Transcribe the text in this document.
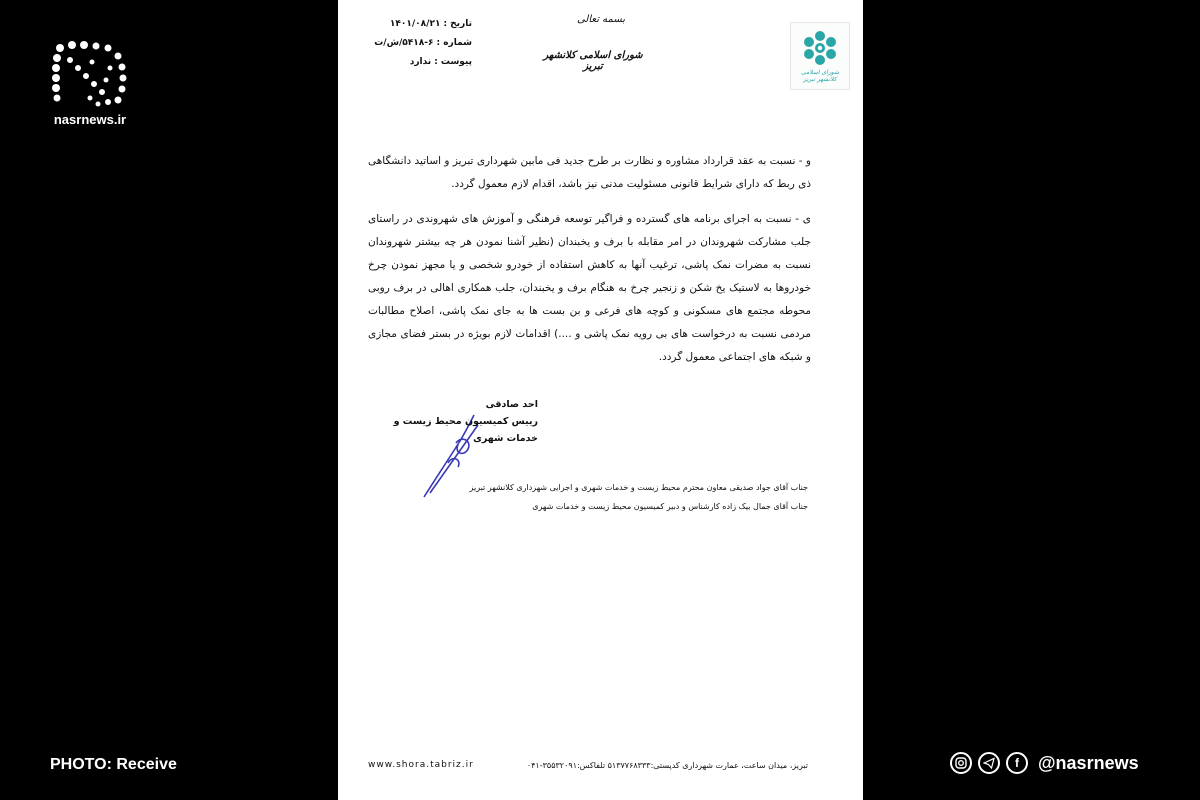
nasrnews.ir
تاریخ :
۱۴۰۱/۰۸/۲۱
شماره :
۵۴۱۸-۶/ش/ت
پیوست :
ندارد
بسمه تعالی
شورای اسلامی کلانشهر تبریز
شورای اسلامی کلانشهر تبریز
و - نسبت به عقد قرارداد مشاوره و نظارت بر طرح جدید فی مابین شهرداری تبریز و اساتید دانشگاهی ذی ربط که دارای شرایط قانونی مسئولیت مدنی نیز باشد، اقدام لازم معمول گردد.
ی - نسبت به اجرای برنامه های گسترده و فراگیر توسعه فرهنگی و آموزش های شهروندی در راستای جلب مشارکت شهروندان در امر مقابله با برف و یخبندان (نظیر آشنا نمودن هر چه بیشتر شهروندان نسبت به مضرات نمک پاشی، ترغیب آنها به کاهش استفاده از خودرو شخصی و یا مجهز نمودن چرخ خودروها به لاستیک یخ شکن و زنجیر چرخ به هنگام برف و یخبندان، جلب همکاری اهالی در برف روبی محوطه مجتمع های مسکونی و کوچه های فرعی و بن بست ها به جای نمک پاشی، اصلاح مطالبات مردمی نسبت به درخواست های بی رویه نمک پاشی و ....) اقدامات لازم بویژه در بستر فضای مجازی و شبکه های اجتماعی معمول گردد.
احد صادقی
رییس کمیسیون محیط زیست و خدمات شهری
جناب آقای جواد صدیقی معاون محترم محیط زیست و خدمات شهری و اجرایی شهرداری کلانشهر تبریز
جناب آقای جمال بیک زاده کارشناس و دبیر کمیسیون محیط زیست و خدمات شهری
www.shora.tabriz.ir	تبریز، میدان ساعت، عمارت شهرداری کدپستی:۵۱۳۷۷۶۸۳۳۳ تلفاکس:۳۵۵۳۲۰۹۱-۰۴۱
PHOTO: Receive	f	@nasrnews
